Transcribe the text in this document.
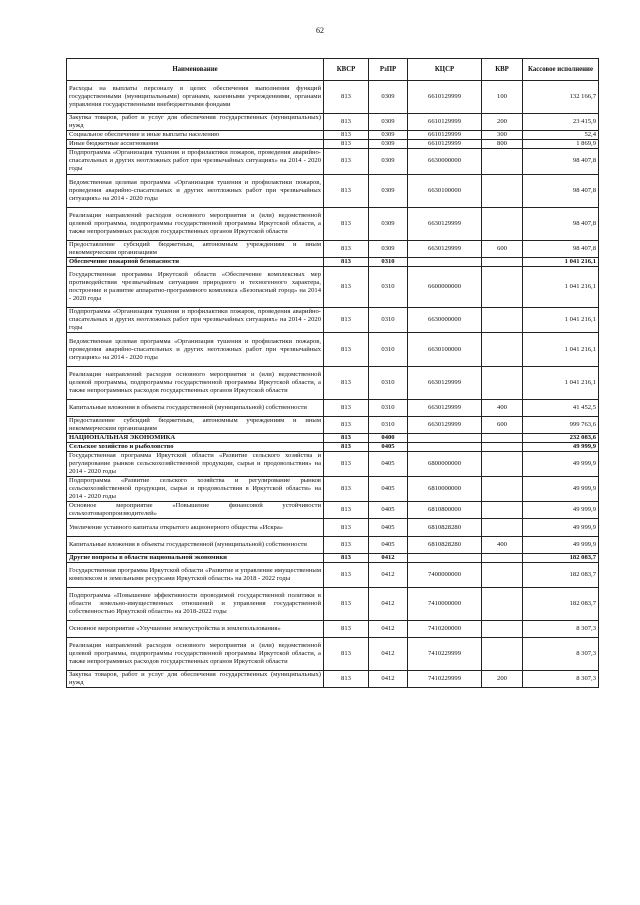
62
Наименование	КВСР	РзПР	КЦСР	КВР	Кассовое исполнение
Расходы на выплаты персоналу в целях обеспечения выполнения функций государственными (муниципальными) органами, казенными учреждениями, органами управления государственными внебюджетными фондами	813	0309	6610129999	100	132 166,7
Закупка товаров, работ и услуг для обеспечения государственных (муниципальных) нужд	813	0309	6610129999	200	23 415,9
Социальное обеспечение и иные выплаты населению	813	0309	6610129999	300	52,4
Иные бюджетные ассигнования	813	0309	6610129999	800	1 869,9
Подпрограмма «Организация тушения и профилактики пожаров, проведения аварийно-спасательных и других неотложных работ при чрезвычайных ситуациях» на 2014 - 2020 годы	813	0309	6630000000		98 407,8
Ведомственная целевая программа «Организация тушения и профилактики пожаров, проведения аварийно-спасательных и других неотложных работ при чрезвычайных ситуациях» на 2014 - 2020 годы	813	0309	6630100000		98 407,8
Реализация направлений расходов основного мероприятия и (или) ведомственной целевой программы, подпрограммы государственной программы Иркутской области, а также непрограммных расходов государственных органов Иркутской области	813	0309	6630129999		98 407,8
Предоставление субсидий бюджетным, автономным учреждениям и иным некоммерческим организациям	813	0309	6630129999	600	98 407,8
Обеспечение пожарной безопасности	813	0310			1 041 216,1
Государственная программа Иркутской области «Обеспечение комплексных мер противодействия чрезвычайным ситуациям природного и техногенного характера, построение и развитие аппаратно-программного комплекса «Безопасный город» на 2014 - 2020 годы	813	0310	6600000000		1 041 216,1
Подпрограмма «Организация тушения и профилактики пожаров, проведения аварийно-спасательных и других неотложных работ при чрезвычайных ситуациях» на 2014 - 2020 годы	813	0310	6630000000		1 041 216,1
Ведомственная целевая программа «Организация тушения и профилактики пожаров, проведения аварийно-спасательных и других неотложных работ при чрезвычайных ситуациях» на 2014 - 2020 годы	813	0310	6630100000		1 041 216,1
Реализация направлений расходов основного мероприятия и (или) ведомственной целевой программы, подпрограммы государственной программы Иркутской области, а также непрограммных расходов государственных органов Иркутской области	813	0310	6630129999		1 041 216,1
Капитальные вложения в объекты государственной (муниципальной) собственности	813	0310	6630129999	400	41 452,5
Предоставление субсидий бюджетным, автономным учреждениям и иным некоммерческим организациям	813	0310	6630129999	600	999 763,6
НАЦИОНАЛЬНАЯ ЭКОНОМИКА	813	0400			232 083,6
Сельское хозяйство и рыболовство	813	0405			49 999,9
Государственная программа Иркутской области «Развитие сельского хозяйства и регулирование рынков сельскохозяйственной продукции, сырья и продовольствия» на 2014 - 2020 годы	813	0405	6800000000		49 999,9
Подпрограмма «Развитие сельского хозяйства и регулирование рынков сельскохозяйственной продукции, сырья и продовольствия в Иркутской области» на 2014 - 2020 годы	813	0405	6810000000		49 999,9
Основное мероприятие «Повышение финансовой устойчивости сельхозтоваропроизводителей»	813	0405	6810800000		49 999,9
Увеличение уставного капитала открытого акционерного общества «Искра»	813	0405	6810828280		49 999,9
Капитальные вложения в объекты государственной (муниципальной) собственности	813	0405	6810828280	400	49 999,9
Другие вопросы в области национальной экономики	813	0412			182 083,7
Государственная программа Иркутской области «Развитие и управление имущественным комплексом и земельными ресурсами Иркутской области» на 2018 - 2022 годы	813	0412	7400000000		182 083,7
Подпрограмма «Повышение эффективности проводимой государственной политики в области земельно-имущественных отношений и управления государственной собственностью Иркутской области» на 2018-2022 годы	813	0412	7410000000		182 083,7
Основное мероприятие «Улучшение землеустройства и землепользования»	813	0412	7410200000		8 307,3
Реализация направлений расходов основного мероприятия и (или) ведомственной целевой программы, подпрограммы государственной программы Иркутской области, а также непрограммных расходов государственных органов Иркутской области	813	0412	7410229999		8 307,3
Закупка товаров, работ и услуг для обеспечения государственных (муниципальных) нужд	813	0412	7410229999	200	8 307,3
